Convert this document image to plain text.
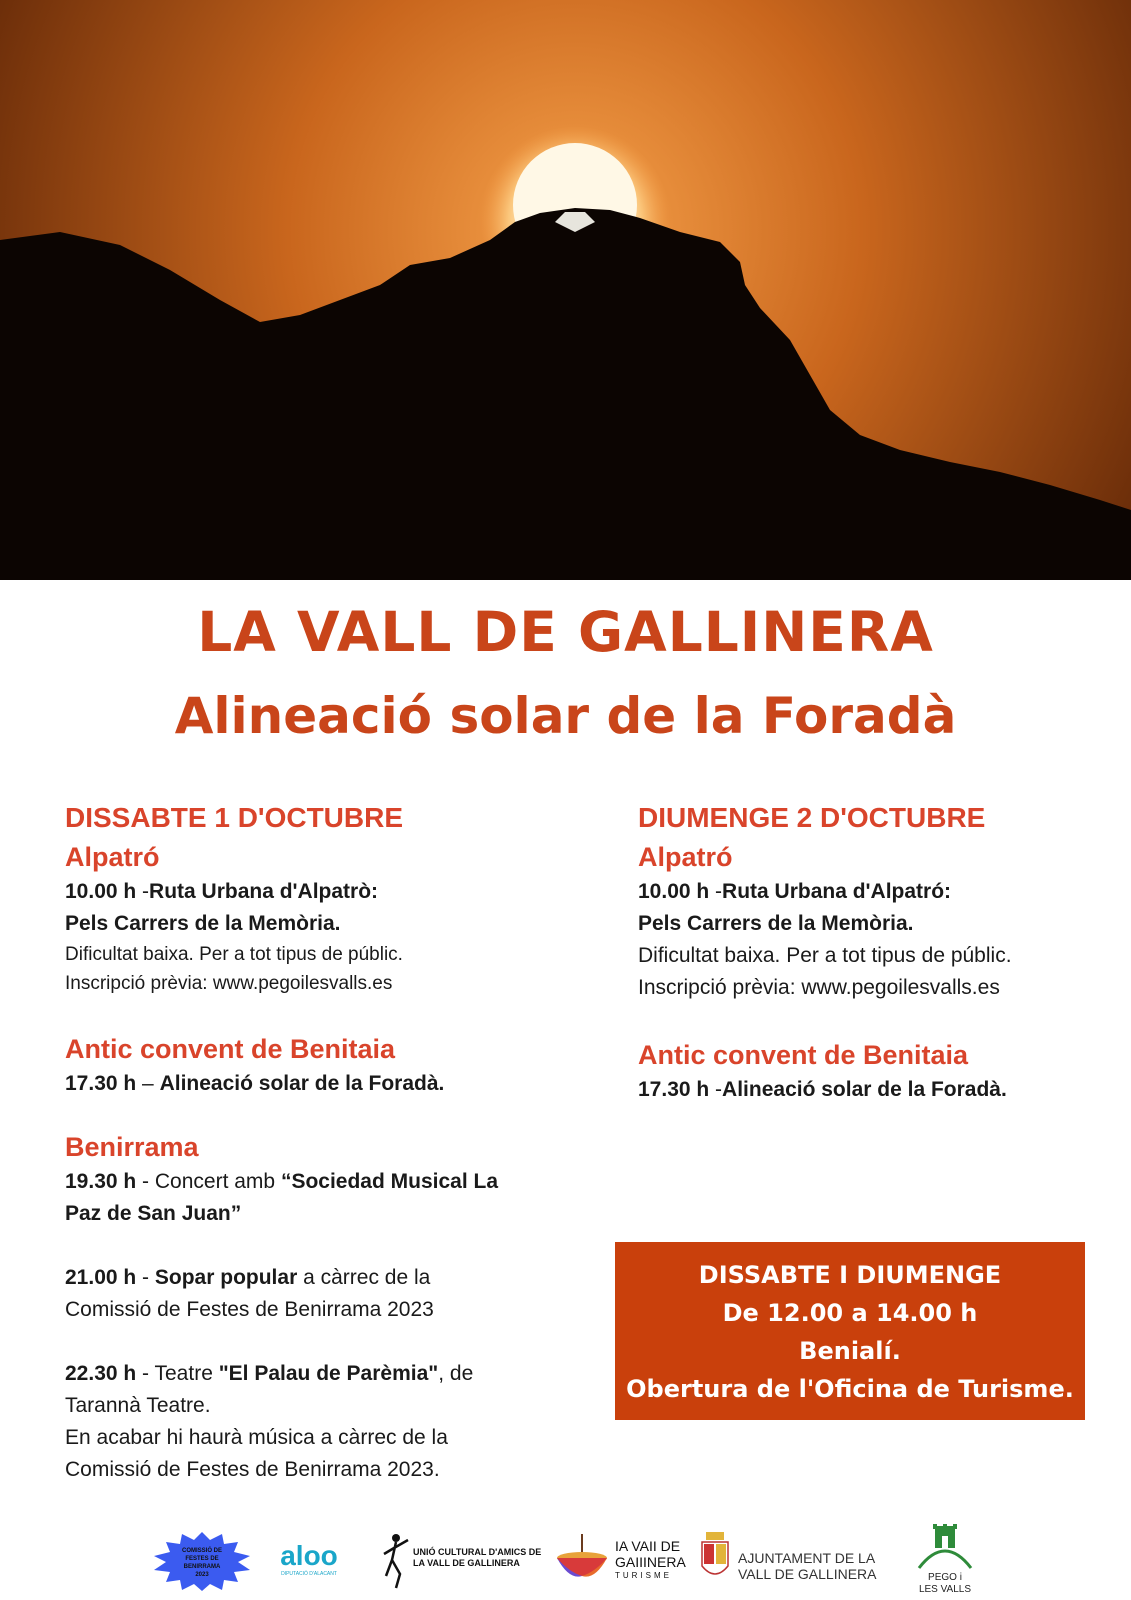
LA VALL DE GALLINERA
Alineació solar de la Foradà
DISSABTE 1 D'OCTUBRE
Alpatró
10.00 h -Ruta Urbana d'Alpatrò:
Pels Carrers de la Memòria.
Dificultat baixa. Per a tot tipus de públic.
Inscripció prèvia: www.pegoilesvalls.es
Antic convent de Benitaia
17.30 h – Alineació solar de la Foradà.
Benirrama
19.30 h - Concert amb “Sociedad Musical La
Paz de San Juan”
21.00 h - Sopar popular a càrrec de la
Comissió de Festes de Benirrama 2023
22.30 h - Teatre "El Palau de Parèmia", de
Tarannà Teatre.
En acabar hi haurà música a càrrec de la
Comissió de Festes de Benirrama 2023.
DIUMENGE 2 D'OCTUBRE
Alpatró
10.00 h -Ruta Urbana d'Alpatró:
Pels Carrers de la Memòria.
Dificultat baixa. Per a tot tipus de públic.
Inscripció prèvia: www.pegoilesvalls.es
Antic convent de Benitaia
17.30 h -Alineació solar de la Foradà.
DISSABTE I DIUMENGE
De 12.00 a 14.00 h
Benialí.
Obertura de l'Oficina de Turisme.
COMISSIÓ DE
FESTES DE
BENIRRAMA
2023
aloo
DIPUTACIÓ D'ALACANT
UNIÓ CULTURAL D'AMICS DE
LA VALL DE GALLINERA
IA VAII DE
GAIIINERA
TURISME
AJUNTAMENT DE LA
VALL DE GALLINERA	PEGO i
LES VALLS
